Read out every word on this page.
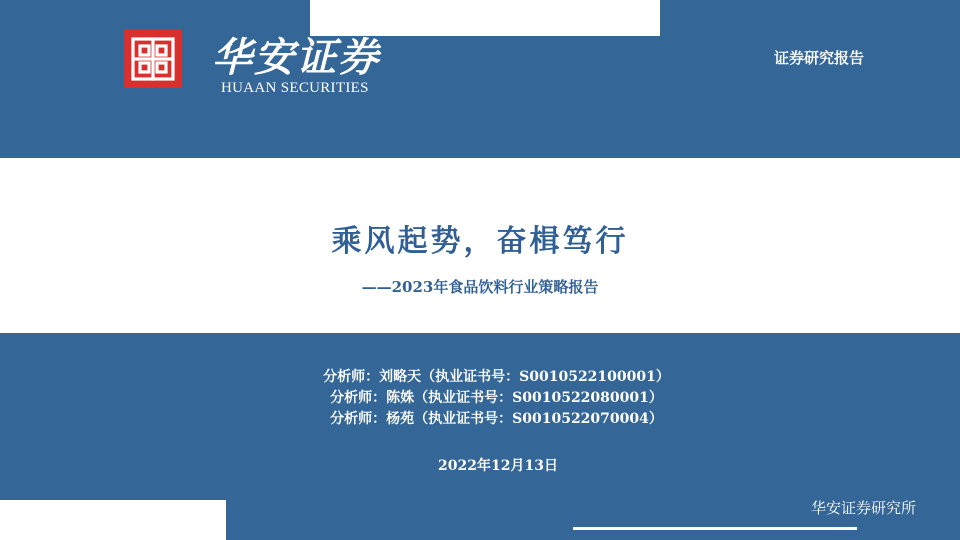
华安证券
HUAAN SECURITIES
证券研究报告
乘风起势，奋楫笃行
——2023年食品饮料行业策略报告
分析师：刘略天（执业证书号：S0010522100001）
分析师：陈姝（执业证书号：S0010522080001）
分析师：杨苑（执业证书号：S0010522070004）
2022年12月13日
华安证券研究所
